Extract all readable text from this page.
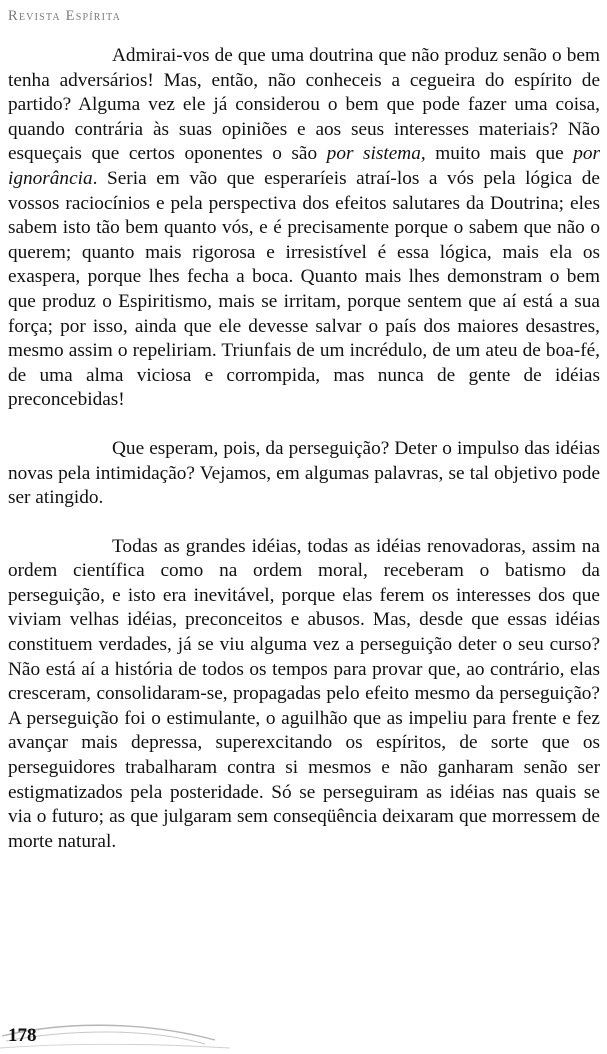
Revista Espírita

Admirai-vos de que uma doutrina que não produz senão o bem tenha adversários! Mas, então, não conheceis a cegueira do espírito de partido? Alguma vez ele já considerou o bem que pode fazer uma coisa, quando contrária às suas opiniões e aos seus interesses materiais? Não esqueçais que certos oponentes o são por sistema, muito mais que por ignorância. Seria em vão que esperaríeis atraí-los a vós pela lógica de vossos raciocínios e pela perspectiva dos efeitos salutares da Doutrina; eles sabem isto tão bem quanto vós, e é precisamente porque o sabem que não o querem; quanto mais rigorosa e irresistível é essa lógica, mais ela os exaspera, porque lhes fecha a boca. Quanto mais lhes demonstram o bem que produz o Espiritismo, mais se irritam, porque sentem que aí está a sua força; por isso, ainda que ele devesse salvar o país dos maiores desastres, mesmo assim o repeliriam. Triunfais de um incrédulo, de um ateu de boa-fé, de uma alma viciosa e corrompida, mas nunca de gente de idéias preconcebidas!

Que esperam, pois, da perseguição? Deter o impulso das idéias novas pela intimidação? Vejamos, em algumas palavras, se tal objetivo pode ser atingido.

Todas as grandes idéias, todas as idéias renovadoras, assim na ordem científica como na ordem moral, receberam o batismo da perseguição, e isto era inevitável, porque elas ferem os interesses dos que viviam velhas idéias, preconceitos e abusos. Mas, desde que essas idéias constituem verdades, já se viu alguma vez a perseguição deter o seu curso? Não está aí a história de todos os tempos para provar que, ao contrário, elas cresceram, consolidaram-se, propagadas pelo efeito mesmo da perseguição? A perseguição foi o estimulante, o aguilhão que as impeliu para frente e fez avançar mais depressa, superexcitando os espíritos, de sorte que os perseguidores trabalharam contra si mesmos e não ganharam senão ser estigmatizados pela posteridade. Só se perseguiram as idéias nas quais se via o futuro; as que julgaram sem conseqüência deixaram que morressem de morte natural.

178
